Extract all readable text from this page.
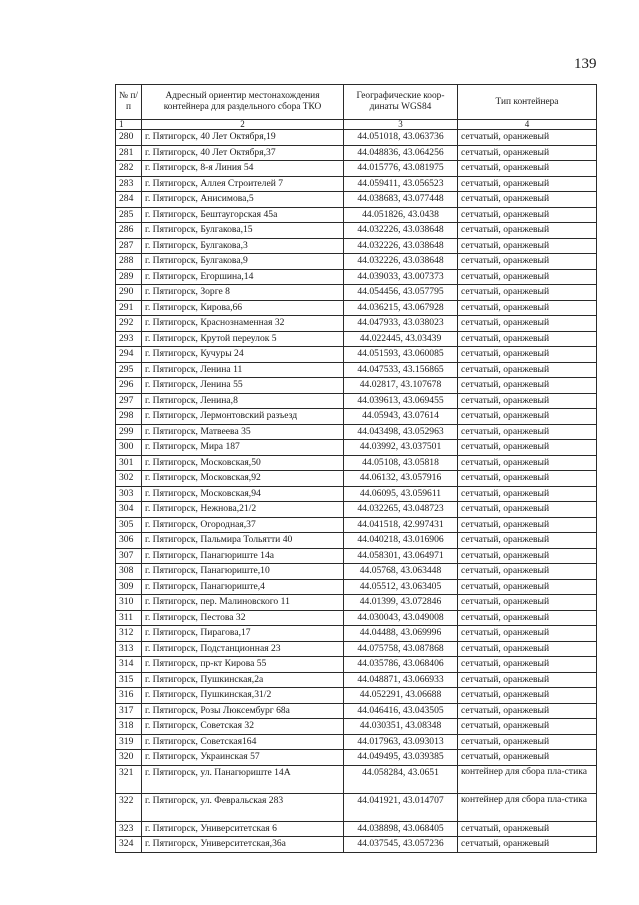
139
№ п/п	Адресный ориентир местонахождения контейнера для раздельного сбора ТКО	Географические коор-динаты WGS84	Тип контейнера
1	2	3	4
280	г. Пятигорск, 40 Лет Октября,19	44.051018, 43.063736	сетчатый, оранжевый
281	г. Пятигорск, 40 Лет Октября,37	44.048836, 43.064256	сетчатый, оранжевый
282	г. Пятигорск, 8-я Линия 54	44.015776, 43.081975	сетчатый, оранжевый
283	г. Пятигорск, Аллея Строителей 7	44.059411, 43.056523	сетчатый, оранжевый
284	г. Пятигорск, Анисимова,5	44.038683, 43.077448	сетчатый, оранжевый
285	г. Пятигорск, Бештаугорская 45а	44.051826, 43.0438	сетчатый, оранжевый
286	г. Пятигорск, Булгакова,15	44.032226, 43.038648	сетчатый, оранжевый
287	г. Пятигорск, Булгакова,3	44.032226, 43.038648	сетчатый, оранжевый
288	г. Пятигорск, Булгакова,9	44.032226, 43.038648	сетчатый, оранжевый
289	г. Пятигорск, Егоршина,14	44.039033, 43.007373	сетчатый, оранжевый
290	г. Пятигорск, Зорге 8	44.054456, 43.057795	сетчатый, оранжевый
291	г. Пятигорск, Кирова,66	44.036215, 43.067928	сетчатый, оранжевый
292	г. Пятигорск, Краснознаменная 32	44.047933, 43.038023	сетчатый, оранжевый
293	г. Пятигорск, Крутой переулок 5	44.022445, 43.03439	сетчатый, оранжевый
294	г. Пятигорск, Кучуры 24	44.051593, 43.060085	сетчатый, оранжевый
295	г. Пятигорск, Ленина 11	44.047533, 43.156865	сетчатый, оранжевый
296	г. Пятигорск, Ленина 55	44.02817, 43.107678	сетчатый, оранжевый
297	г. Пятигорск, Ленина,8	44.039613, 43.069455	сетчатый, оранжевый
298	г. Пятигорск, Лермонтовский разъезд	44.05943, 43.07614	сетчатый, оранжевый
299	г. Пятигорск, Матвеева 35	44.043498, 43.052963	сетчатый, оранжевый
300	г. Пятигорск, Мира 187	44.03992, 43.037501	сетчатый, оранжевый
301	г. Пятигорск, Московская,50	44.05108, 43.05818	сетчатый, оранжевый
302	г. Пятигорск, Московская,92	44.06132, 43.057916	сетчатый, оранжевый
303	г. Пятигорск, Московская,94	44.06095, 43.059611	сетчатый, оранжевый
304	г. Пятигорск, Нежнова,21/2	44.032265, 43.048723	сетчатый, оранжевый
305	г. Пятигорск, Огородная,37	44.041518, 42.997431	сетчатый, оранжевый
306	г. Пятигорск, Пальмира Тольятти 40	44.040218, 43.016906	сетчатый, оранжевый
307	г. Пятигорск, Панагюриште 14а	44.058301, 43.064971	сетчатый, оранжевый
308	г. Пятигорск, Панагюриште,10	44.05768, 43.063448	сетчатый, оранжевый
309	г. Пятигорск, Панагюриште,4	44.05512, 43.063405	сетчатый, оранжевый
310	г. Пятигорск, пер. Малиновского 11	44.01399, 43.072846	сетчатый, оранжевый
311	г. Пятигорск, Пестова 32	44.030043, 43.049008	сетчатый, оранжевый
312	г. Пятигорск, Пирагова,17	44.04488, 43.069996	сетчатый, оранжевый
313	г. Пятигорск, Подстанционная 23	44.075758, 43.087868	сетчатый, оранжевый
314	г. Пятигорск, пр-кт Кирова 55	44.035786, 43.068406	сетчатый, оранжевый
315	г. Пятигорск, Пушкинская,2а	44.048871, 43.066933	сетчатый, оранжевый
316	г. Пятигорск, Пушкинская,31/2	44.052291, 43.06688	сетчатый, оранжевый
317	г. Пятигорск, Розы Люксембург 68а	44.046416, 43.043505	сетчатый, оранжевый
318	г. Пятигорск, Советская 32	44.030351, 43.08348	сетчатый, оранжевый
319	г. Пятигорск, Советская164	44.017963, 43.093013	сетчатый, оранжевый
320	г. Пятигорск, Украинская 57	44.049495, 43.039385	сетчатый, оранжевый
321	г. Пятигорск, ул. Панагюриште 14А	44.058284, 43.0651	контейнер для сбора пла-стика
322	г. Пятигорск, ул. Февральская 283	44.041921, 43.014707	контейнер для сбора пла-стика
323	г. Пятигорск, Университетская 6	44.038898, 43.068405	сетчатый, оранжевый
324	г. Пятигорск, Университетская,36а	44.037545, 43.057236	сетчатый, оранжевый
